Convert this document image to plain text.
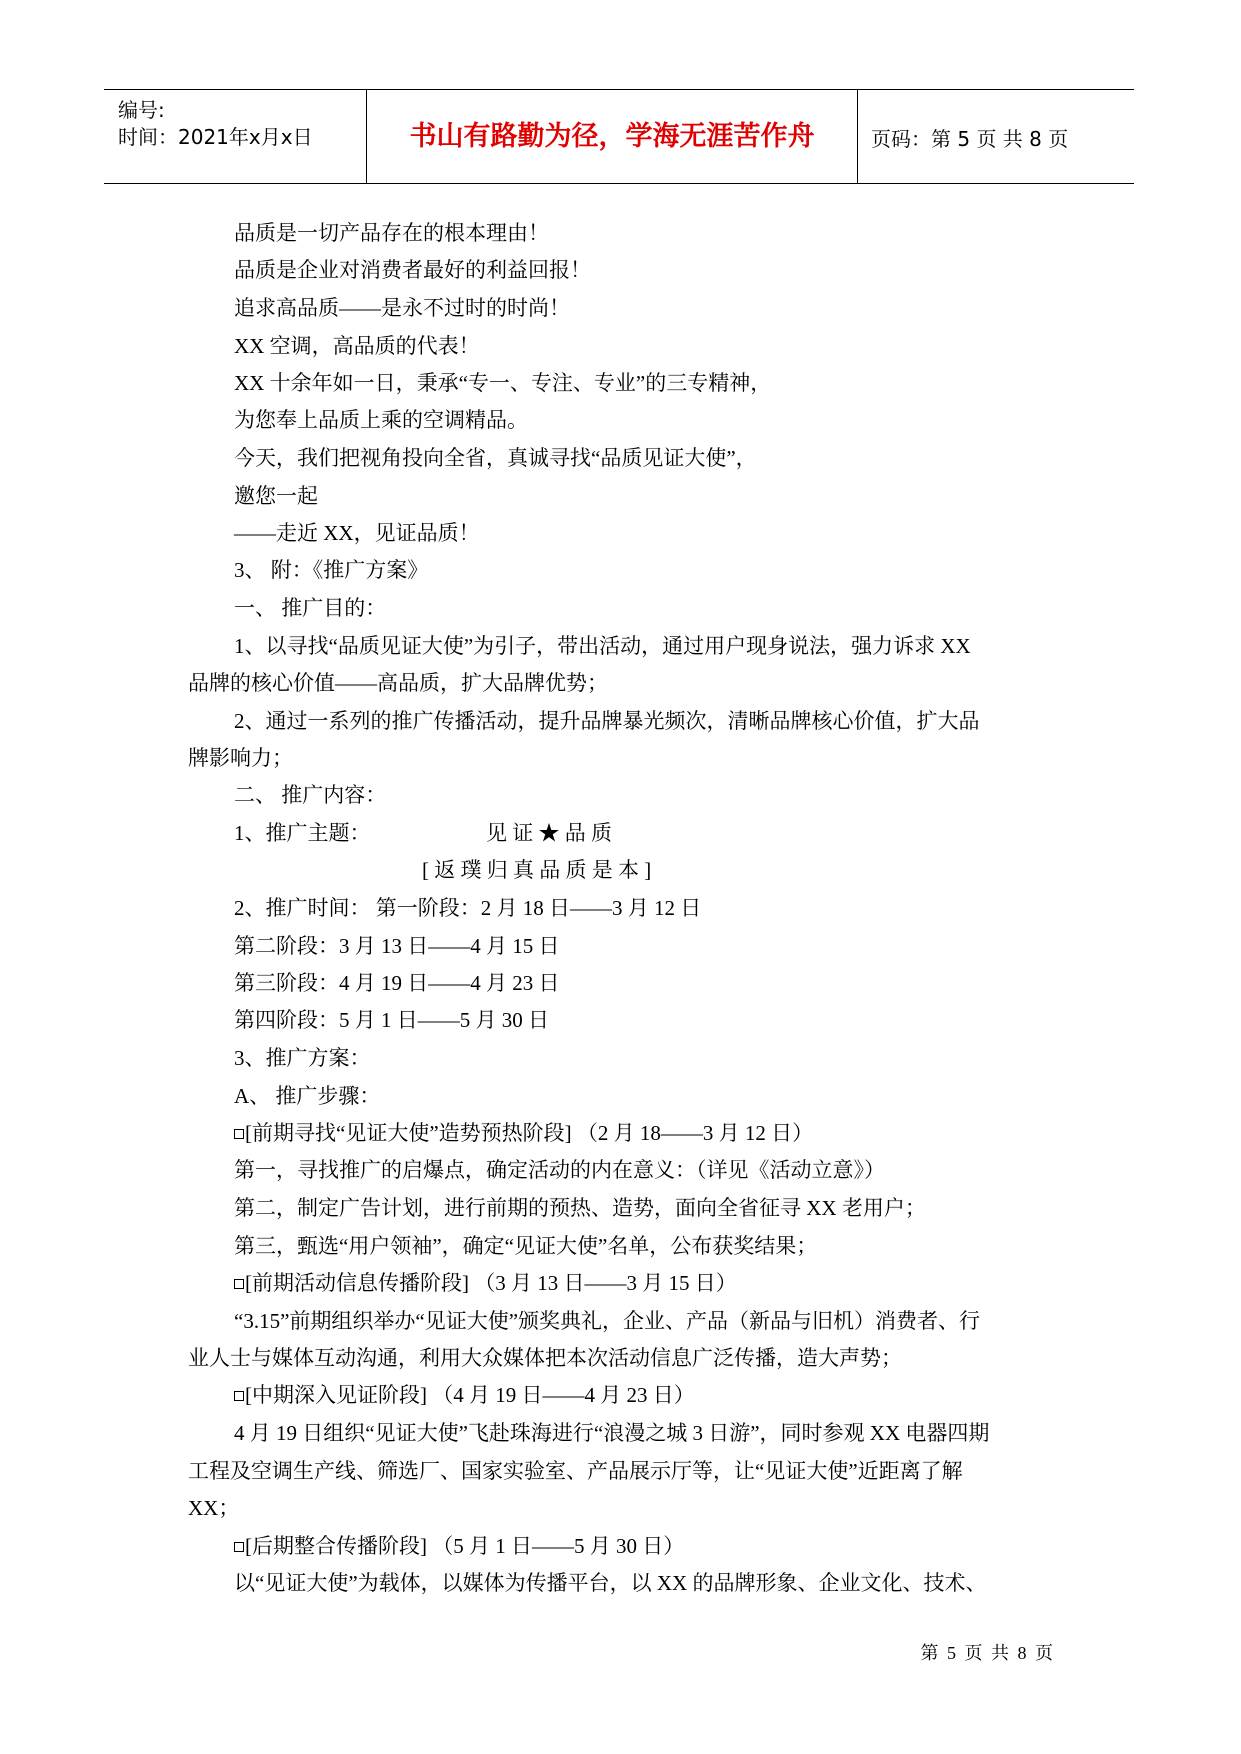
编号:
时间：2021年x月x日	书山有路勤为径，学海无涯苦作舟	页码：第 5 页 共 8 页
品质是一切产品存在的根本理由！
品质是企业对消费者最好的利益回报！
追求高品质——是永不过时的时尚！
XX 空调，高品质的代表！
XX 十余年如一日，秉承“专一、专注、专业”的三专精神，
为您奉上品质上乘的空调精品。
今天，我们把视角投向全省，真诚寻找“品质见证大使”，
邀您一起
——走近 XX，见证品质！
3、 附：《推广方案》
一、 推广目的：
1、以寻找“品质见证大使”为引子，带出活动，通过用户现身说法，强力诉求 XX
品牌的核心价值——高品质，扩大品牌优势；
2、通过一系列的推广传播活动，提升品牌暴光频次，清晰品牌核心价值，扩大品
牌影响力；
二、 推广内容：
1、推广主题：	见 证 ★ 品 质
[ 返 璞 归 真 品 质 是 本 ]
2、推广时间： 第一阶段：2 月 18 日——3 月 12 日
第二阶段：3 月 13 日——4 月 15 日
第三阶段：4 月 19 日——4 月 23 日
第四阶段：5 月 1 日——5 月 30 日
3、推广方案：
A、 推广步骤：
[前期寻找“见证大使”造势预热阶段] （2 月 18——3 月 12 日）
第一，寻找推广的启爆点，确定活动的内在意义：（详见《活动立意》）
第二，制定广告计划，进行前期的预热、造势，面向全省征寻 XX 老用户；
第三，甄选“用户领袖”，确定“见证大使”名单，公布获奖结果；
[前期活动信息传播阶段] （3 月 13 日——3 月 15 日）
“3.15”前期组织举办“见证大使”颁奖典礼，企业、产品（新品与旧机）消费者、行
业人士与媒体互动沟通，利用大众媒体把本次活动信息广泛传播，造大声势；
[中期深入见证阶段] （4 月 19 日——4 月 23 日）
4 月 19 日组织“见证大使”飞赴珠海进行“浪漫之城 3 日游”，同时参观 XX 电器四期
工程及空调生产线、筛选厂、国家实验室、产品展示厅等，让“见证大使”近距离了解
XX；
[后期整合传播阶段] （5 月 1 日——5 月 30 日）
以“见证大使”为载体，以媒体为传播平台，以 XX 的品牌形象、企业文化、技术、
第 5 页 共 8 页
